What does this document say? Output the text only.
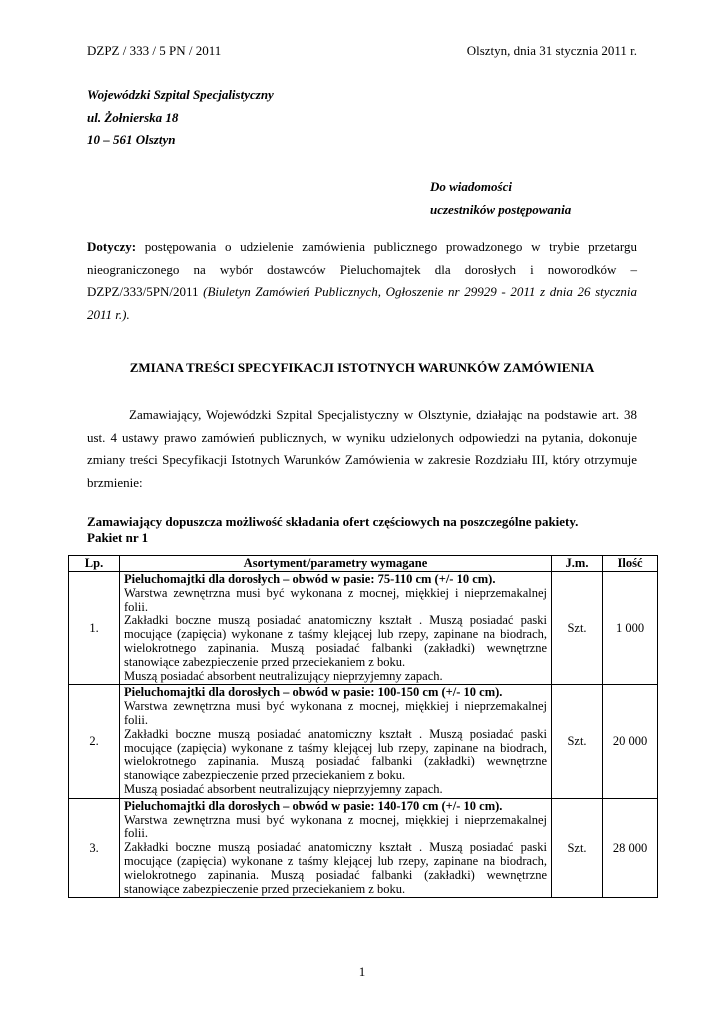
DZPZ / 333 / 5 PN / 2011	Olsztyn, dnia 31 stycznia 2011 r.
Wojewódzki Szpital Specjalistyczny
ul. Żołnierska 18
10 – 561 Olsztyn
Do wiadomości
uczestników postępowania
Dotyczy: postępowania o udzielenie zamówienia publicznego prowadzonego w trybie przetargu nieograniczonego na wybór dostawców Pieluchomajtek dla dorosłych i noworodków – DZPZ/333/5PN/2011 (Biuletyn Zamówień Publicznych, Ogłoszenie nr 29929 - 2011 z dnia 26 stycznia 2011 r.).
ZMIANA TREŚCI SPECYFIKACJI ISTOTNYCH WARUNKÓW ZAMÓWIENIA
Zamawiający, Wojewódzki Szpital Specjalistyczny w Olsztynie, działając na podstawie art. 38 ust. 4 ustawy prawo zamówień publicznych, w wyniku udzielonych odpowiedzi na pytania, dokonuje zmiany treści Specyfikacji Istotnych Warunków Zamówienia w zakresie Rozdziału III, który otrzymuje brzmienie:
Zamawiający dopuszcza możliwość składania ofert częściowych na poszczególne pakiety.
Pakiet nr 1
Lp.	Asortyment/parametry wymagane	J.m.	Ilość
1.	Pieluchomajtki dla dorosłych – obwód w pasie: 75-110 cm (+/- 10 cm).
Warstwa zewnętrzna musi być wykonana z mocnej, miękkiej i nieprzemakalnej folii.
Zakładki boczne muszą posiadać anatomiczny kształt . Muszą posiadać paski mocujące (zapięcia) wykonane z taśmy klejącej lub rzepy, zapinane na biodrach, wielokrotnego zapinania. Muszą posiadać falbanki (zakładki) wewnętrzne stanowiące zabezpieczenie przed przeciekaniem z boku.
Muszą posiadać absorbent neutralizujący nieprzyjemny zapach.	Szt.	1 000
2.	Pieluchomajtki dla dorosłych – obwód w pasie: 100-150 cm (+/- 10 cm).
Warstwa zewnętrzna musi być wykonana z mocnej, miękkiej i nieprzemakalnej folii.
Zakładki boczne muszą posiadać anatomiczny kształt . Muszą posiadać paski mocujące (zapięcia) wykonane z taśmy klejącej lub rzepy, zapinane na biodrach, wielokrotnego zapinania. Muszą posiadać falbanki (zakładki) wewnętrzne stanowiące zabezpieczenie przed przeciekaniem z boku.
Muszą posiadać absorbent neutralizujący nieprzyjemny zapach.	Szt.	20 000
3.	Pieluchomajtki dla dorosłych – obwód w pasie: 140-170 cm (+/- 10 cm).
Warstwa zewnętrzna musi być wykonana z mocnej, miękkiej i nieprzemakalnej folii.
Zakładki boczne muszą posiadać anatomiczny kształt . Muszą posiadać paski mocujące (zapięcia) wykonane z taśmy klejącej lub rzepy, zapinane na biodrach, wielokrotnego zapinania. Muszą posiadać falbanki (zakładki) wewnętrzne stanowiące zabezpieczenie przed przeciekaniem z boku.	Szt.	28 000
1
